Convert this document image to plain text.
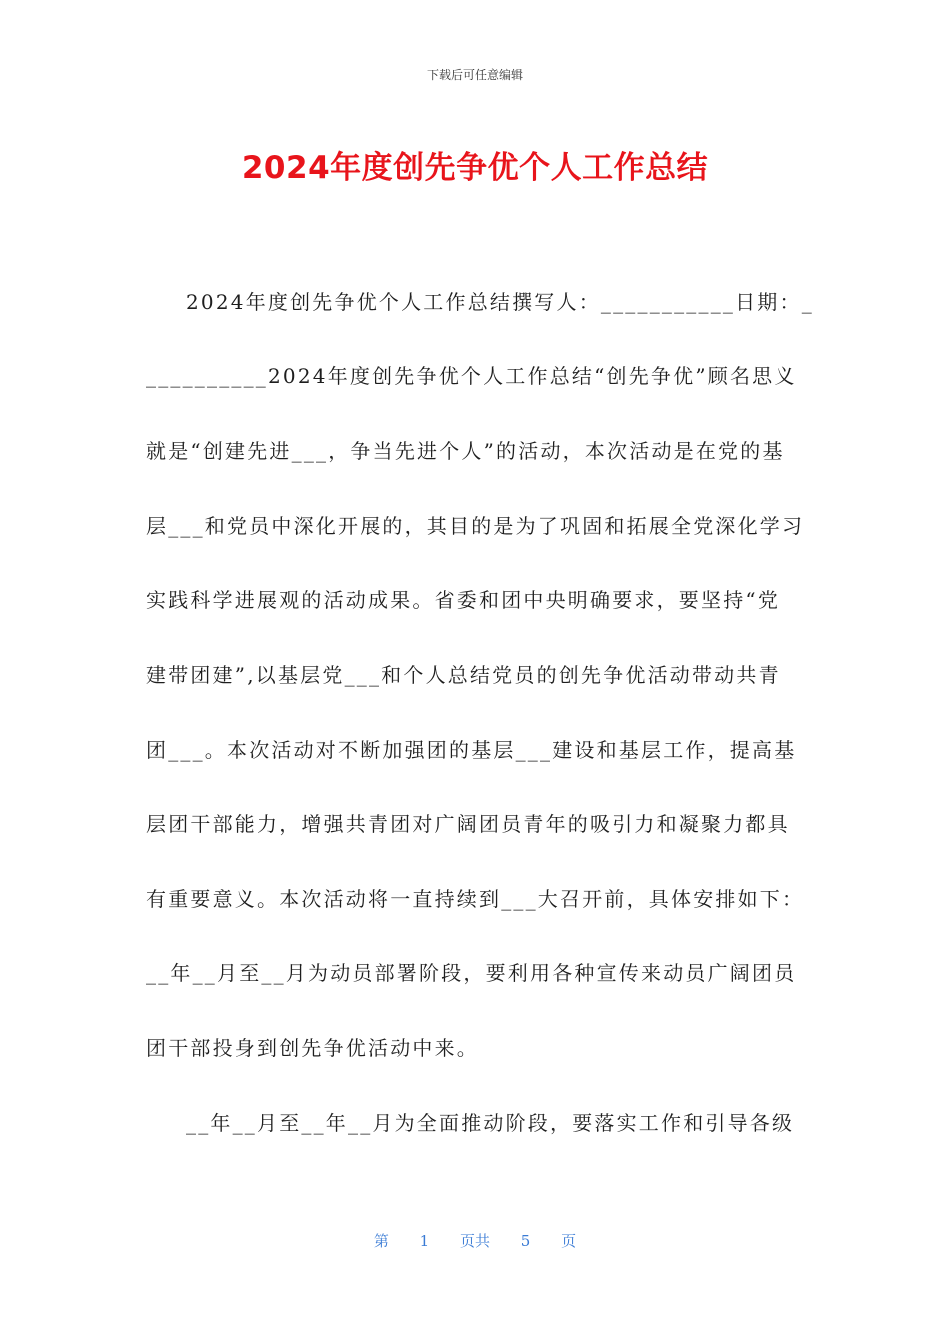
下载后可任意编辑
2024年度创先争优个人工作总结
2024年度创先争优个人工作总结撰写人：___________日期：_
__________2024年度创先争优个人工作总结“创先争优”顾名思义
就是“创建先进___，争当先进个人”的活动，本次活动是在党的基
层___和党员中深化开展的，其目的是为了巩固和拓展全党深化学习
实践科学进展观的活动成果。省委和团中央明确要求，要坚持“党
建带团建”,以基层党___和个人总结党员的创先争优活动带动共青
团___。本次活动对不断加强团的基层___建设和基层工作，提高基
层团干部能力，增强共青团对广阔团员青年的吸引力和凝聚力都具
有重要意义。本次活动将一直持续到___大召开前，具体安排如下：
__年__月至__月为动员部署阶段，要利用各种宣传来动员广阔团员
团干部投身到创先争优活动中来。
__年__月至__年__月为全面推动阶段，要落实工作和引导各级
第 1 页共 5 页
